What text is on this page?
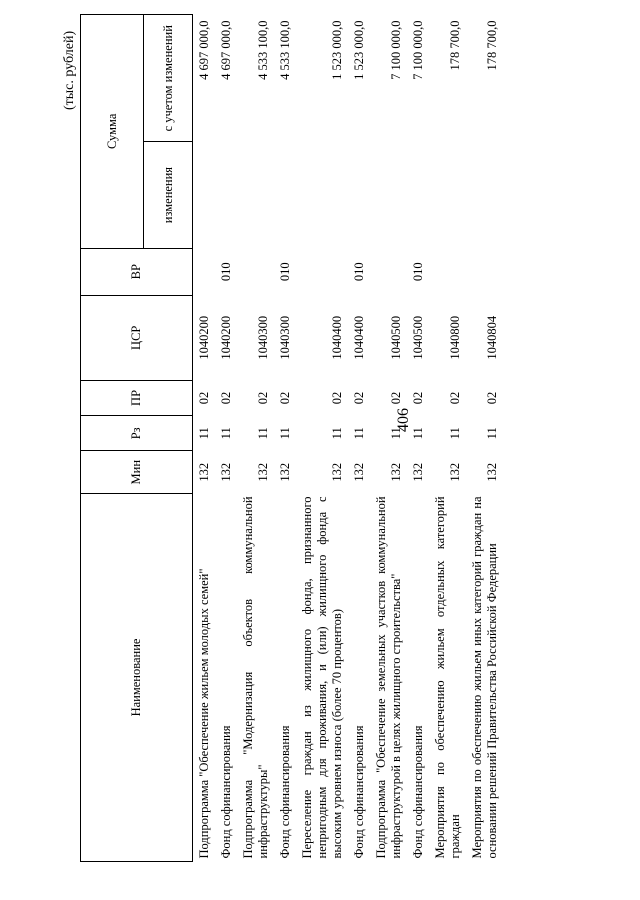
406
(тыс. рублей)
Наименование	Мин	Рз	ПР	ЦСР	ВР	Сумма	
						изменения	с учетом изменений
Подпрограмма "Обеспечение жильем молодых семей"	132	11	02	1040200			4 697 000,0
Фонд софинансирования	132	11	02	1040200	010		4 697 000,0
Подпрограмма "Модернизация объектов коммунальной инфраструктуры"	132	11	02	1040300			4 533 100,0
Фонд софинансирования	132	11	02	1040300	010		4 533 100,0
Переселение граждан из жилищного фонда, признанного непригодным для проживания, и (или) жилищного фонда с высоким уровнем износа (более 70 процентов)	132	11	02	1040400			1 523 000,0
Фонд софинансирования	132	11	02	1040400	010		1 523 000,0
Подпрограмма "Обеспечение земельных участков коммунальной инфраструктурой в целях жилищного строительства"	132	11	02	1040500			7 100 000,0
Фонд софинансирования	132	11	02	1040500	010		7 100 000,0
Мероприятия по обеспечению жильем отдельных категорий граждан	132	11	02	1040800			178 700,0
Мероприятия по обеспечению жильем иных категорий граждан на основании решений Правительства Российской Федерации	132	11	02	1040804			178 700,0
